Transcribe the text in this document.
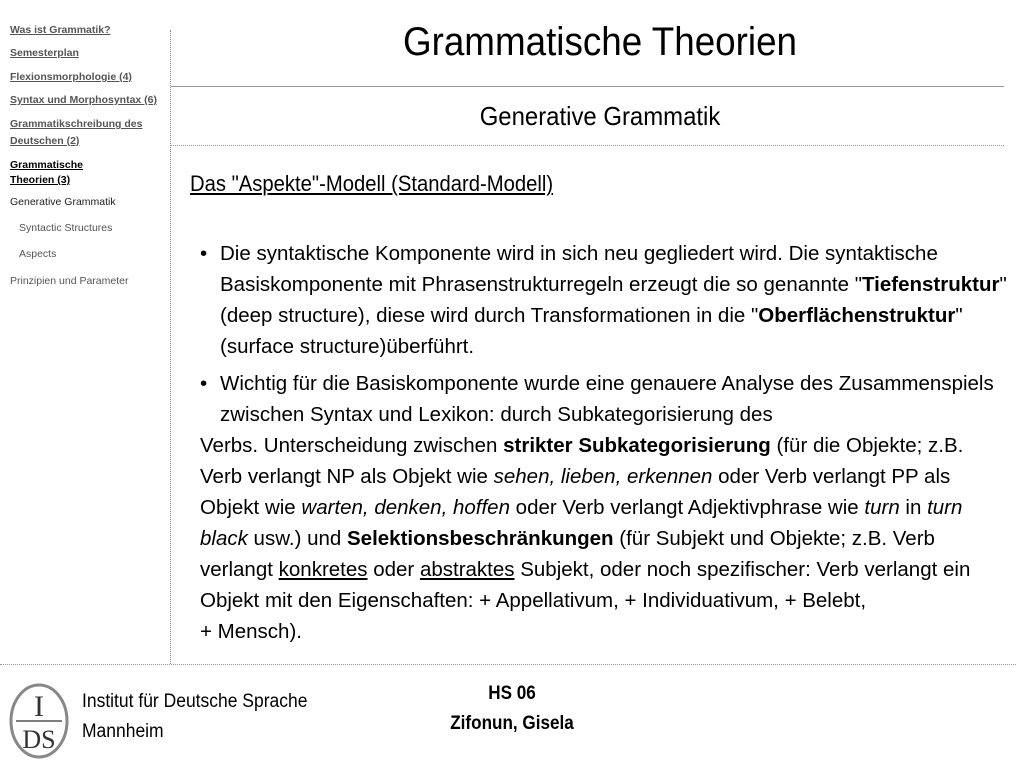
Was ist Grammatik?
Semesterplan
Flexionsmorphologie (4)
Syntax und Morphosyntax (6)
Grammatikschreibung des
Deutschen (2)
Grammatische
Theorien (3)
Generative Grammatik
Syntactic Structures
Aspects
Prinzipien und Parameter
Grammatische Theorien
Generative Grammatik
Das "Aspekte"-Modell (Standard-Modell)

• Die syntaktische Komponente wird in sich neu gegliedert wird. Die syntaktische Basiskomponente mit Phrasenstrukturregeln erzeugt die so genannte "Tiefenstruktur" (deep structure), diese wird durch Transformationen in die "Oberflächenstruktur" (surface structure)überführt.

• Wichtig für die Basiskomponente wurde eine genauere Analyse des Zusammenspiels zwischen Syntax und Lexikon: durch Subkategorisierung des
Verbs. Unterscheidung zwischen strikter Subkategorisierung (für die Objekte; z.B. Verb verlangt NP als Objekt wie sehen, lieben, erkennen oder Verb verlangt PP als Objekt wie warten, denken, hoffen oder Verb verlangt Adjektivphrase wie turn in turn black usw.) und Selektionsbeschränkungen (für Subjekt und Objekte; z.B. Verb verlangt konkretes oder abstraktes Subjekt, oder noch spezifischer: Verb verlangt ein Objekt mit den Eigenschaften: + Appellativum, + Individuativum, + Belebt,
+ Mensch).

I
DS
Institut für Deutsche Sprache
Mannheim
HS 06
Zifonun, Gisela
